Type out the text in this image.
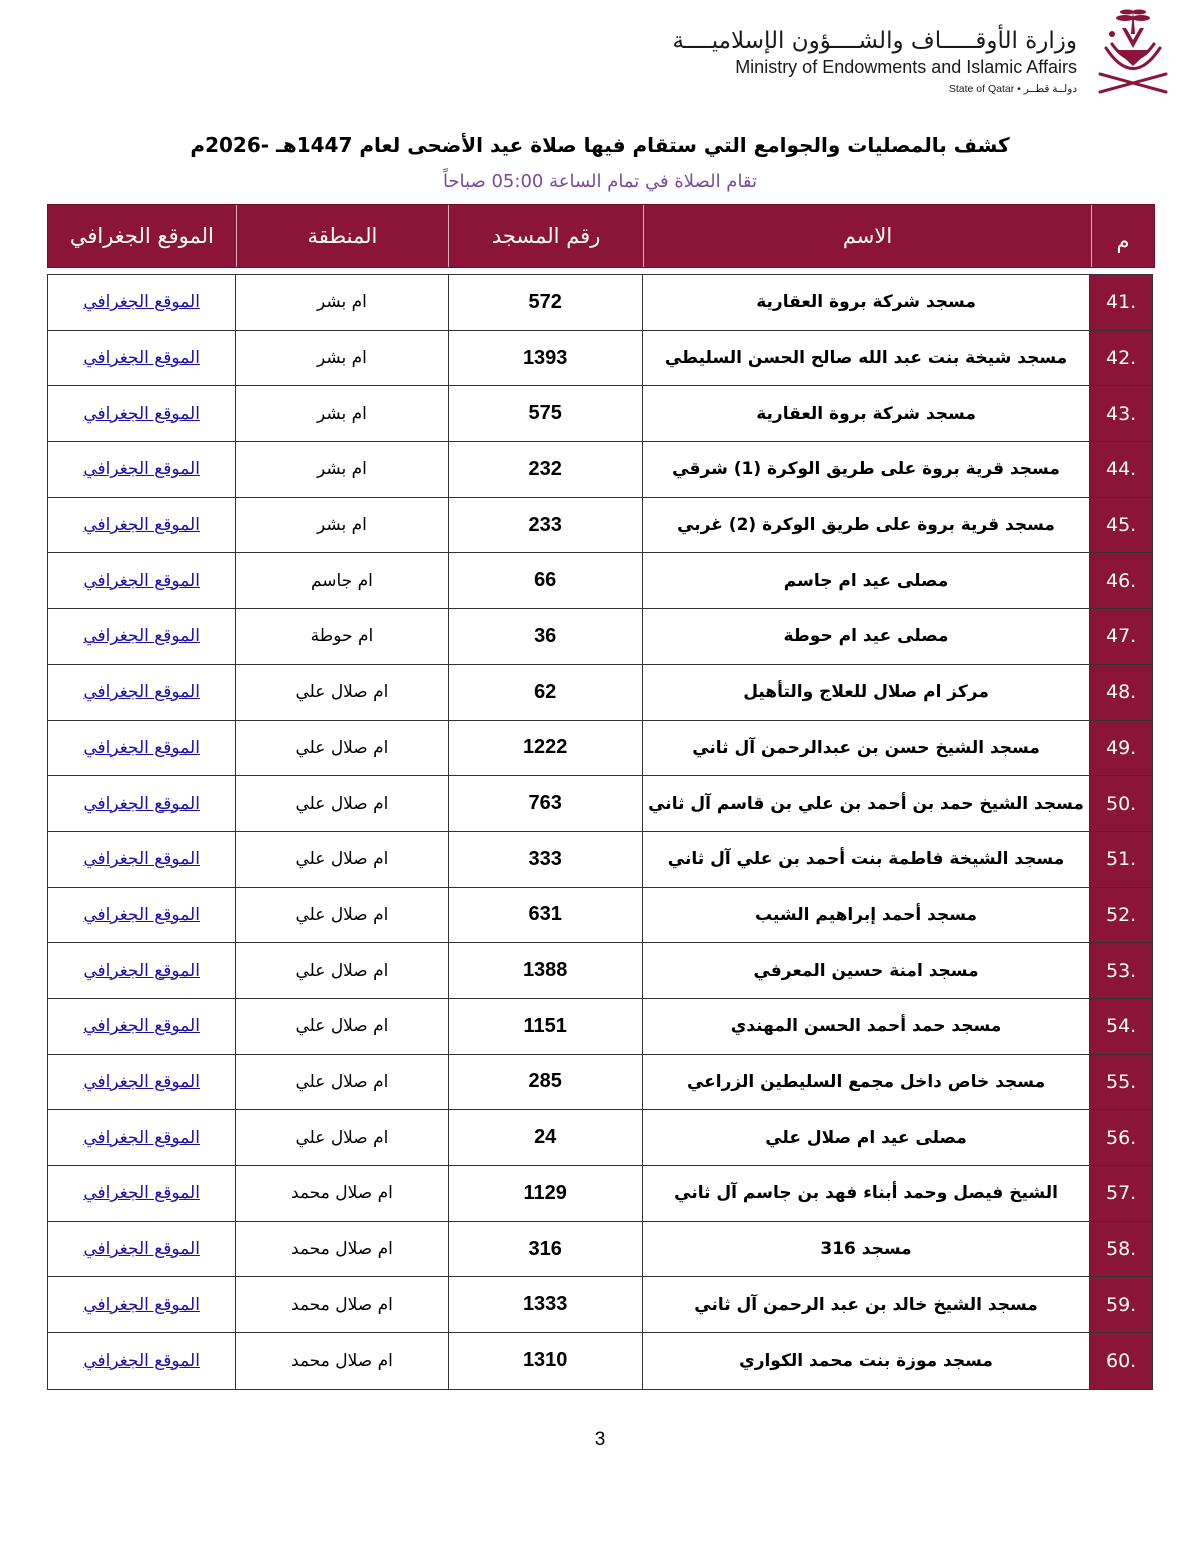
وزارة الأوقـــــاف والشــــؤون الإسلاميــــة
Ministry of Endowments and Islamic Affairs
State of Qatar • دولــة قطــر
كشف بالمصليات والجوامع التي ستقام فيها صلاة عيد الأضحى لعام 1447هـ -2026م
تقام الصلاة في تمام الساعة 05:00 صباحاً
م
الاسم
رقم المسجد
المنطقة
الموقع الجغرافي
41.
مسجد شركة بروة العقارية
572
ام بشر
الموقع الجغرافي
42.
مسجد شيخة بنت عبد الله صالح الحسن السليطي
1393
ام بشر
الموقع الجغرافي
43.
مسجد شركة بروة العقارية
575
ام بشر
الموقع الجغرافي
44.
مسجد قرية بروة على طريق الوكرة (1) شرقي
232
ام بشر
الموقع الجغرافي
45.
مسجد قرية بروة على طريق الوكرة (2) غربي
233
ام بشر
الموقع الجغرافي
46.
مصلى عيد ام جاسم
66
ام جاسم
الموقع الجغرافي
47.
مصلى عيد ام حوطة
36
ام حوطة
الموقع الجغرافي
48.
مركز ام صلال للعلاج والتأهيل
62
ام صلال علي
الموقع الجغرافي
49.
مسجد الشيخ حسن بن عبدالرحمن آل ثاني
1222
ام صلال علي
الموقع الجغرافي
50.
مسجد الشيخ حمد بن أحمد بن علي بن قاسم آل ثاني
763
ام صلال علي
الموقع الجغرافي
51.
مسجد الشيخة فاطمة بنت أحمد بن علي آل ثاني
333
ام صلال علي
الموقع الجغرافي
52.
مسجد أحمد إبراهيم الشيب
631
ام صلال علي
الموقع الجغرافي
53.
مسجد امنة حسين المعرفي
1388
ام صلال علي
الموقع الجغرافي
54.
مسجد حمد أحمد الحسن المهندي
1151
ام صلال علي
الموقع الجغرافي
55.
مسجد خاص داخل مجمع السليطين الزراعي
285
ام صلال علي
الموقع الجغرافي
56.
مصلى عيد ام صلال علي
24
ام صلال علي
الموقع الجغرافي
57.
الشيخ فيصل وحمد أبناء فهد بن جاسم آل ثاني
1129
ام صلال محمد
الموقع الجغرافي
58.
مسجد 316
316
ام صلال محمد
الموقع الجغرافي
59.
مسجد الشيخ خالد بن عبد الرحمن آل ثاني
1333
ام صلال محمد
الموقع الجغرافي
60.
مسجد موزة بنت محمد الكواري
1310
ام صلال محمد
الموقع الجغرافي
3
